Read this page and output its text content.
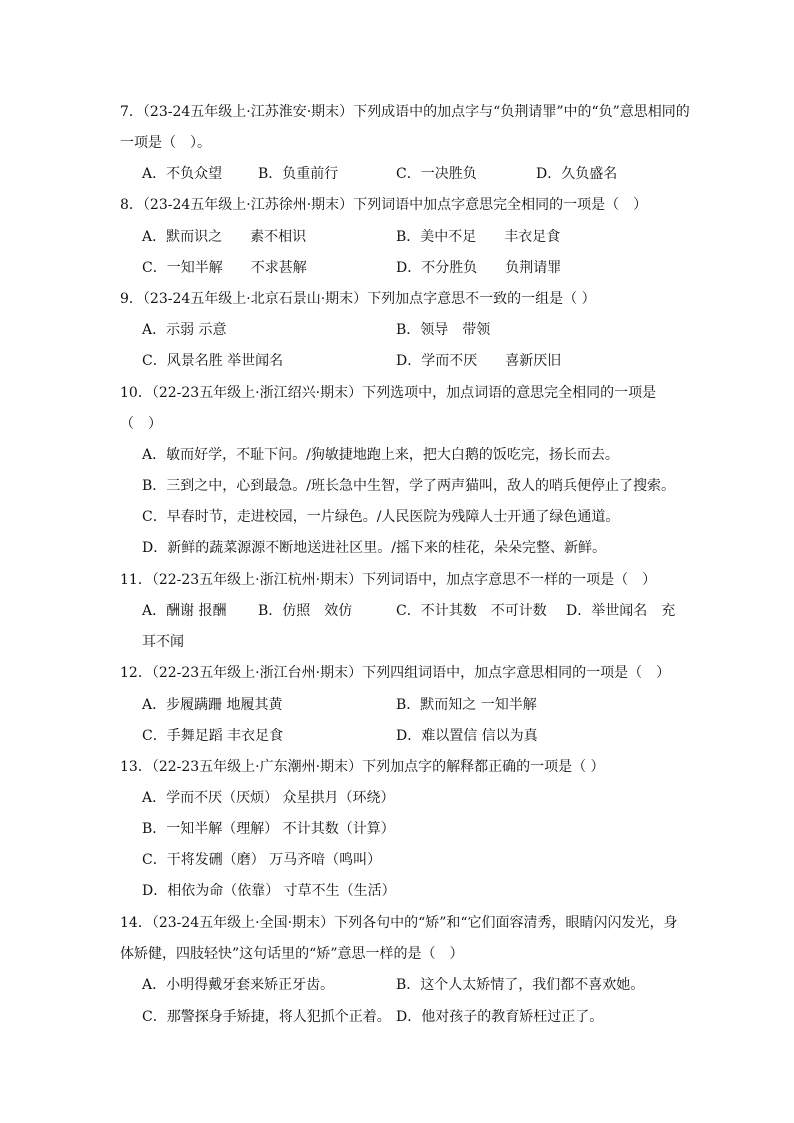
7．（23-24五年级上·江苏淮安·期末）下列成语中的加点字与“负荆请罪”中的“负”意思相同的
一项是（　）。
A．不负众望	B．负重前行	C．一决胜负	D．久负盛名
8．（23-24五年级上·江苏徐州·期末）下列词语中加点字意思完全相同的一项是（　）
A．默而识之　　素不相识	B．美中不足　　丰衣足食
C．一知半解　　不求甚解	D．不分胜负　　负荆请罪
9．（23-24五年级上·北京石景山·期末）下列加点字意思不一致的一组是（ ）
A．示弱 示意	B．领导　带领
C．风景名胜 举世闻名	D．学而不厌　　喜新厌旧
10．（22-23五年级上·浙江绍兴·期末）下列选项中，加点词语的意思完全相同的一项是
（　）
A．敏而好学，不耻下问。/狗敏捷地跑上来，把大白鹅的饭吃完，扬长而去。
B．三到之中，心到最急。/班长急中生智，学了两声猫叫，敌人的哨兵便停止了搜索。
C．早春时节，走进校园，一片绿色。/人民医院为残障人士开通了绿色通道。
D．新鲜的蔬菜源源不断地送进社区里。/摇下来的桂花，朵朵完整、新鲜。
11．（22-23五年级上·浙江杭州·期末）下列词语中，加点字意思不一样的一项是（　）
A．酬谢 报酬 B．仿照　效仿	C．不计其数　不可计数 D．举世闻名　充
耳不闻
12．（22-23五年级上·浙江台州·期末）下列四组词语中，加点字意思相同的一项是（　）
A．步履蹒跚 地履其黄	B．默而知之 一知半解
C．手舞足蹈 丰衣足食	D．难以置信 信以为真
13．（22-23五年级上·广东潮州·期末）下列加点字的解释都正确的一项是（ ）
A．学而不厌（厌烦） 众星拱月（环绕）
B．一知半解（理解） 不计其数（计算）
C．干将发硎（磨） 万马齐喑（鸣叫）
D．相依为命（依靠） 寸草不生（生活）
14．（23-24五年级上·全国·期末）下列各句中的“矫”和“它们面容清秀，眼睛闪闪发光，身
体矫健，四肢轻快”这句话里的“矫”意思一样的是（　）
A．小明得戴牙套来矫正牙齿。	B．这个人太矫情了，我们都不喜欢她。
C．那警探身手矫捷，将人犯抓个正着。 D．他对孩子的教育矫枉过正了。
